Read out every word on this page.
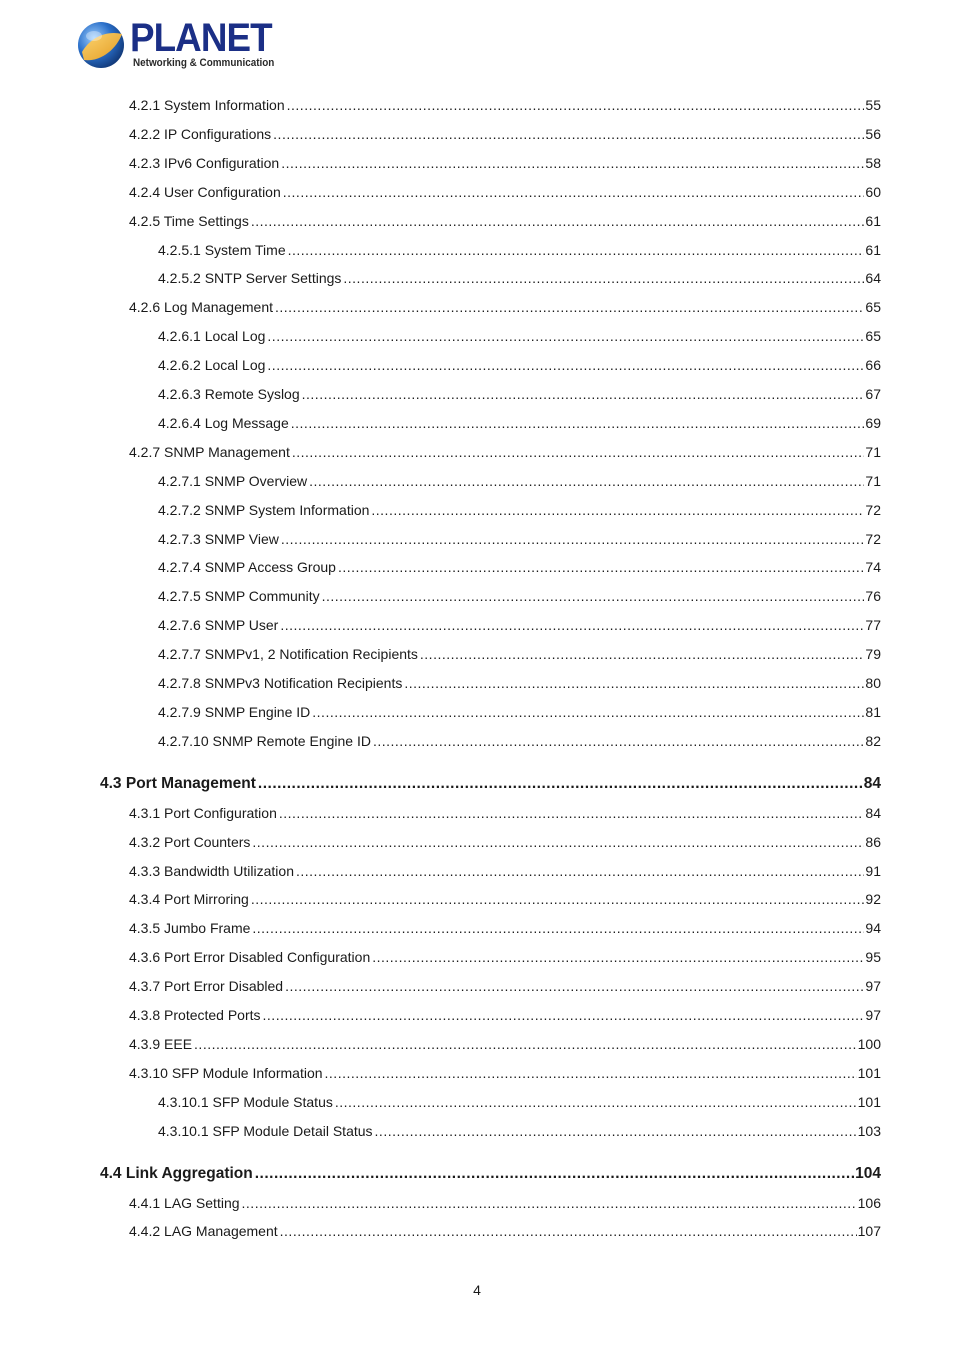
PLANET
Networking & Communication
4.2.1 System Information .....	55
4.2.2 IP Configurations .....	56
4.2.3 IPv6 Configuration .....	58
4.2.4 User Configuration .....	60
4.2.5 Time Settings .....	61
4.2.5.1 System Time .....	61
4.2.5.2 SNTP Server Settings .....	64
4.2.6 Log Management .....	65
4.2.6.1 Local Log .....	65
4.2.6.2 Local Log .....	66
4.2.6.3 Remote Syslog .....	67
4.2.6.4 Log Message .....	69
4.2.7 SNMP Management .....	71
4.2.7.1 SNMP Overview .....	71
4.2.7.2 SNMP System Information .....	72
4.2.7.3 SNMP View .....	72
4.2.7.4 SNMP Access Group .....	74
4.2.7.5 SNMP Community .....	76
4.2.7.6 SNMP User .....	77
4.2.7.7 SNMPv1, 2 Notification Recipients .....	79
4.2.7.8 SNMPv3 Notification Recipients .....	80
4.2.7.9 SNMP Engine ID .....	81
4.2.7.10 SNMP Remote Engine ID .....	82
4.3 Port Management .....	84
4.3.1 Port Configuration .....	84
4.3.2 Port Counters .....	86
4.3.3 Bandwidth Utilization .....	91
4.3.4 Port Mirroring .....	92
4.3.5 Jumbo Frame .....	94
4.3.6 Port Error Disabled Configuration .....	95
4.3.7 Port Error Disabled .....	97
4.3.8 Protected Ports .....	97
4.3.9 EEE .....	100
4.3.10 SFP Module Information .....	101
4.3.10.1 SFP Module Status .....	101
4.3.10.1 SFP Module Detail Status .....	103
4.4 Link Aggregation .....	104
4.4.1 LAG Setting .....	106
4.4.2 LAG Management .....	107
4
